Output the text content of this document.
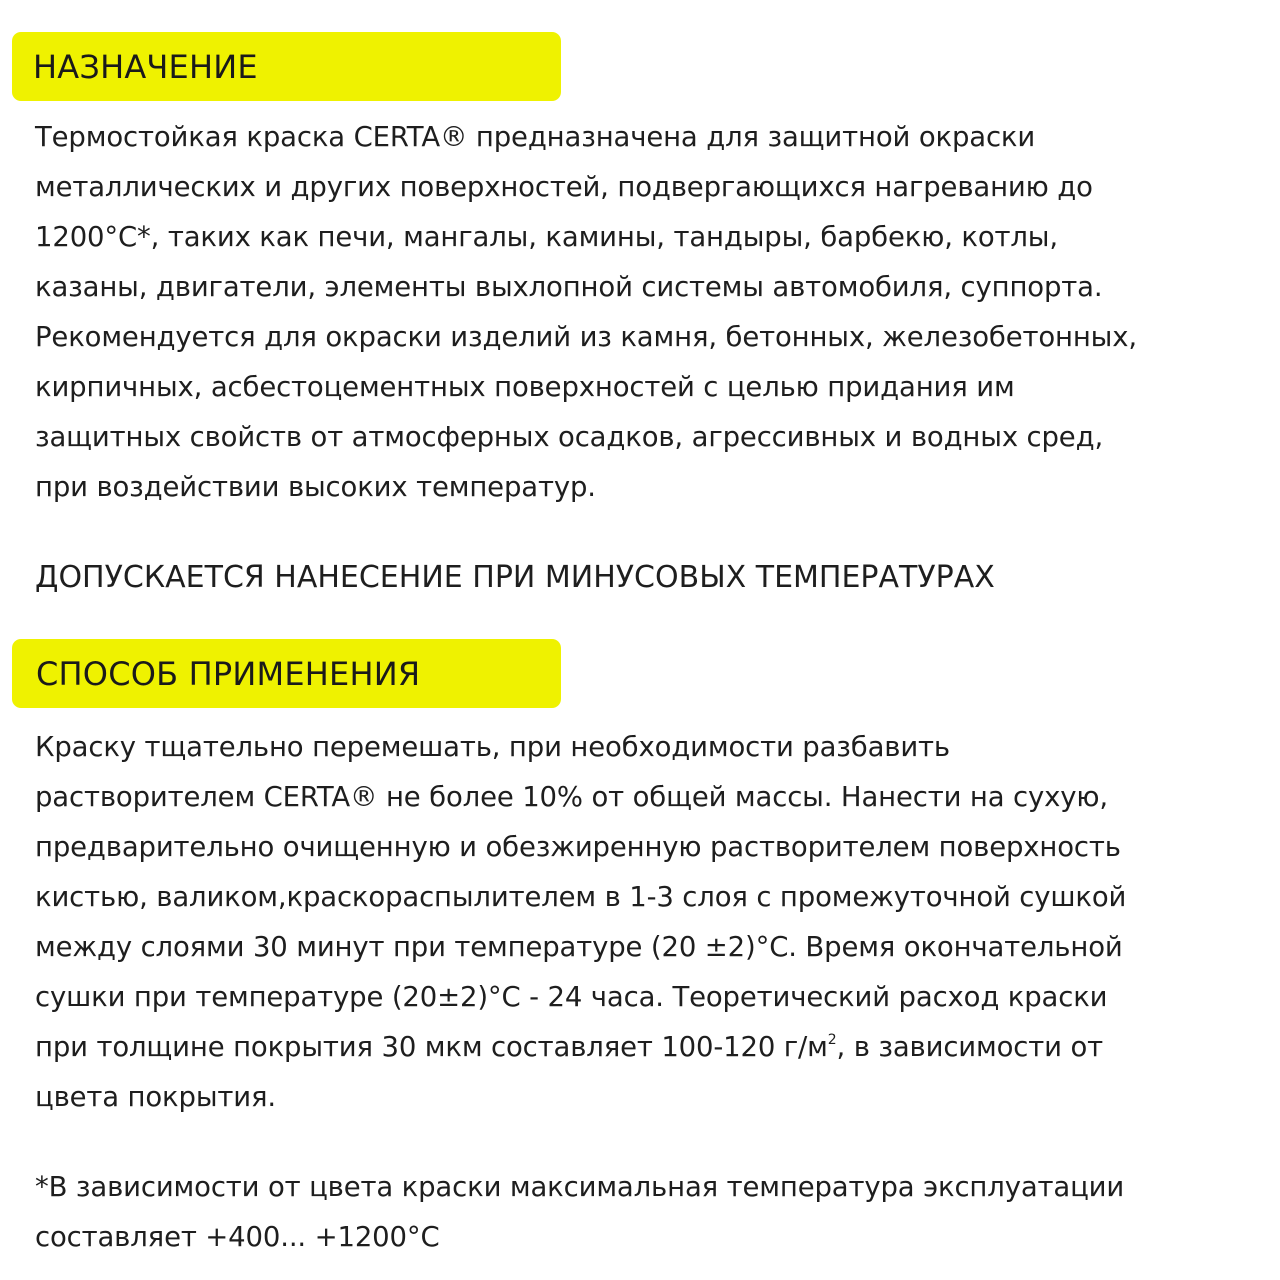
НАЗНАЧЕНИЕ

Термостойкая краска CERTA® предназначена для защитной окраски
металлических и других поверхностей, подвергающихся нагреванию до
1200°С*, таких как печи, мангалы, камины, тандыры, барбекю, котлы,
казаны, двигатели, элементы выхлопной системы автомобиля, суппорта.
Рекомендуется для окраски изделий из камня, бетонных, железобетонных,
кирпичных, асбестоцементных поверхностей с целью придания им
защитных свойств от атмосферных осадков, агрессивных и водных сред,
при воздействии высоких температур.

ДОПУСКАЕТСЯ НАНЕСЕНИЕ ПРИ МИНУСОВЫХ ТЕМПЕРАТУРАХ

СПОСОБ ПРИМЕНЕНИЯ

Краску тщательно перемешать, при необходимости разбавить
растворителем CERTA® не более 10% от общей массы. Нанести на сухую,
предварительно очищенную и обезжиренную растворителем поверхность
кистью, валиком,краскораспылителем в 1-3 слоя с промежуточной сушкой
между слоями 30 минут при температуре (20 ±2)°С. Время окончательной
сушки при температуре (20±2)°С - 24 часа. Теоретический расход краски
при толщине покрытия 30 мкм составляет 100-120 $г/м^2$, в зависимости от
цвета покрытия.

*В зависимости от цвета краски максимальная температура эксплуатации
составляет +400... +1200°С
